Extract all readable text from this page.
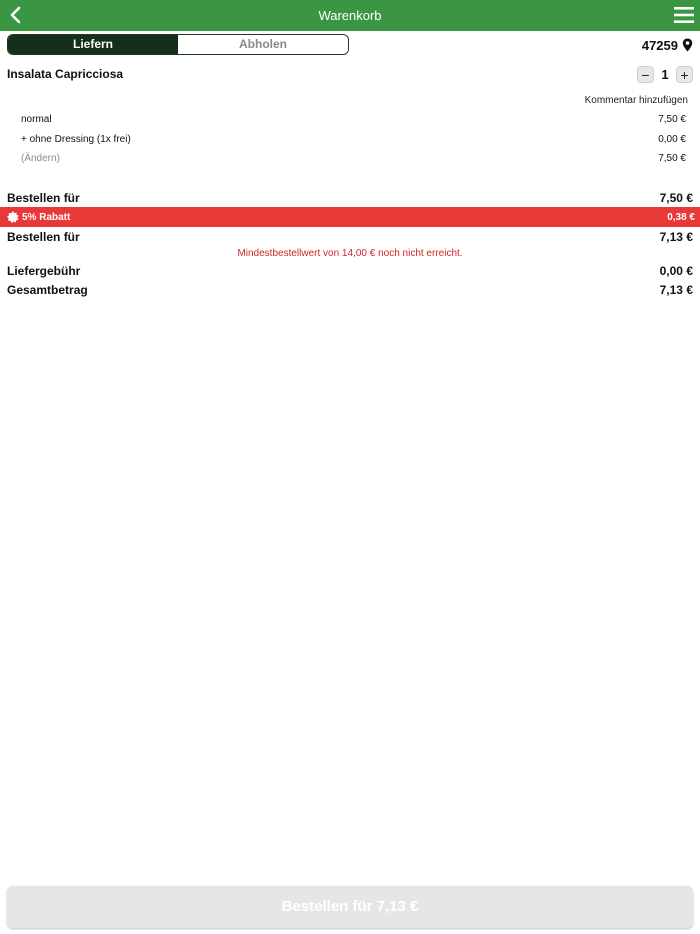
Warenkorb
Liefern	Abholen	47259
Insalata Capricciosa	− 1 +
Kommentar hinzufügen
normal	7,50 €
+ ohne Dressing (1x frei)	0,00 €
(Ändern)	7,50 €
Bestellen für	7,50 €
5% Rabatt	0,38 €
Bestellen für	7,13 €
Mindestbestellwert von 14,00 € noch nicht erreicht.
Liefergebühr	0,00 €
Gesamtbetrag	7,13 €
Bestellen für 7,13 €
